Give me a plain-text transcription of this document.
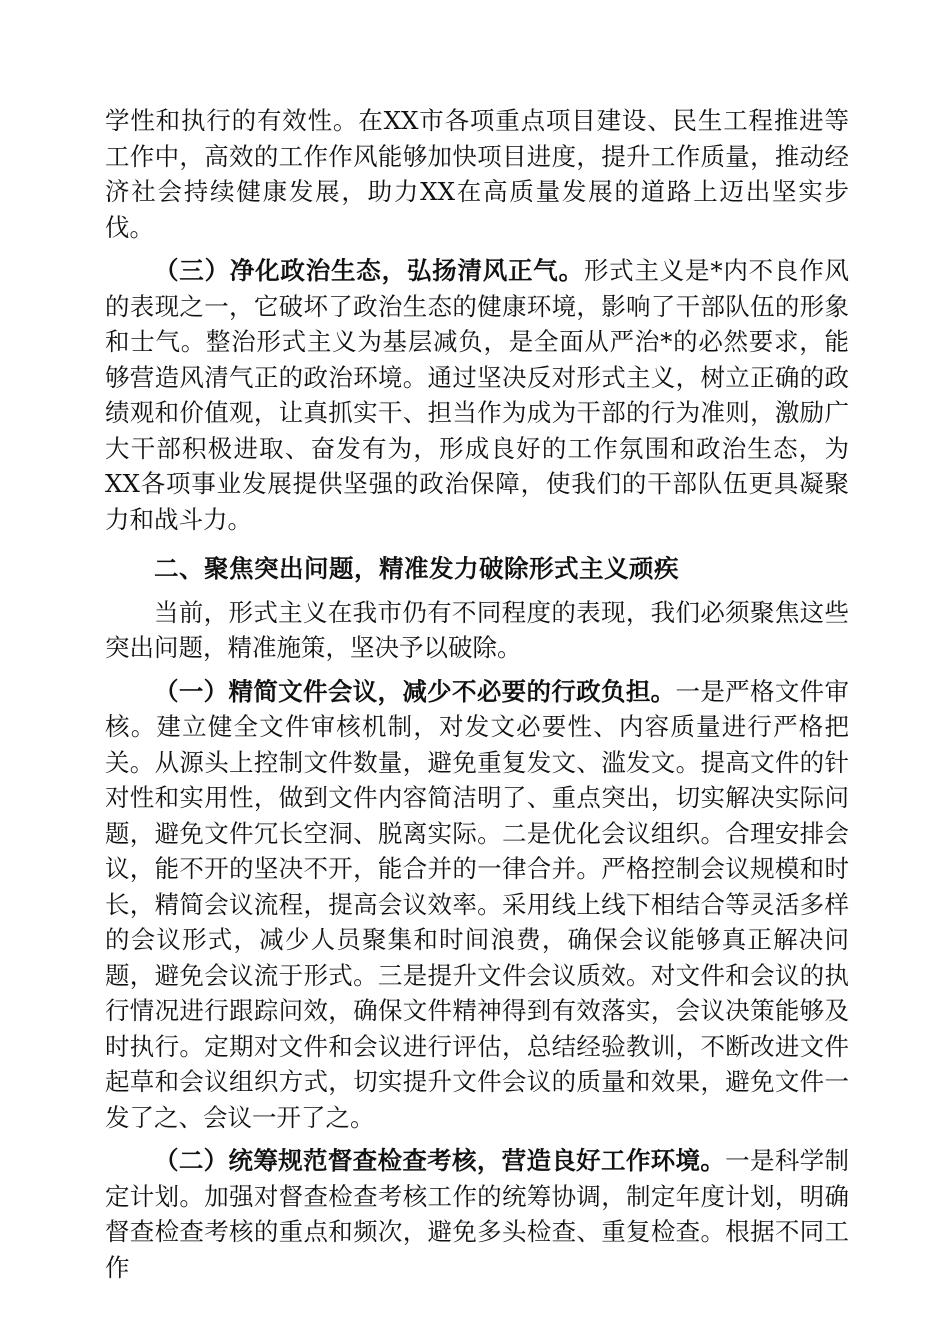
学性和执行的有效性。在XX市各项重点项目建设、民生工程推进等工作中，高效的工作作风能够加快项目进度，提升工作质量，推动经济社会持续健康发展，助力XX在高质量发展的道路上迈出坚实步伐。

（三）净化政治生态，弘扬清风正气。形式主义是*内不良作风的表现之一，它破坏了政治生态的健康环境，影响了干部队伍的形象和士气。整治形式主义为基层减负，是全面从严治*的必然要求，能够营造风清气正的政治环境。通过坚决反对形式主义，树立正确的政绩观和价值观，让真抓实干、担当作为成为干部的行为准则，激励广大干部积极进取、奋发有为，形成良好的工作氛围和政治生态，为XX各项事业发展提供坚强的政治保障，使我们的干部队伍更具凝聚力和战斗力。

二、聚焦突出问题，精准发力破除形式主义顽疾

当前，形式主义在我市仍有不同程度的表现，我们必须聚焦这些突出问题，精准施策，坚决予以破除。

（一）精简文件会议，减少不必要的行政负担。一是严格文件审核。建立健全文件审核机制，对发文必要性、内容质量进行严格把关。从源头上控制文件数量，避免重复发文、滥发文。提高文件的针对性和实用性，做到文件内容简洁明了、重点突出，切实解决实际问题，避免文件冗长空洞、脱离实际。二是优化会议组织。合理安排会议，能不开的坚决不开，能合并的一律合并。严格控制会议规模和时长，精简会议流程，提高会议效率。采用线上线下相结合等灵活多样的会议形式，减少人员聚集和时间浪费，确保会议能够真正解决问题，避免会议流于形式。三是提升文件会议质效。对文件和会议的执行情况进行跟踪问效，确保文件精神得到有效落实，会议决策能够及时执行。定期对文件和会议进行评估，总结经验教训，不断改进文件起草和会议组织方式，切实提升文件会议的质量和效果，避免文件一发了之、会议一开了之。

（二）统筹规范督查检查考核，营造良好工作环境。一是科学制定计划。加强对督查检查考核工作的统筹协调，制定年度计划，明确督查检查考核的重点和频次，避免多头检查、重复检查。根据不同工作
